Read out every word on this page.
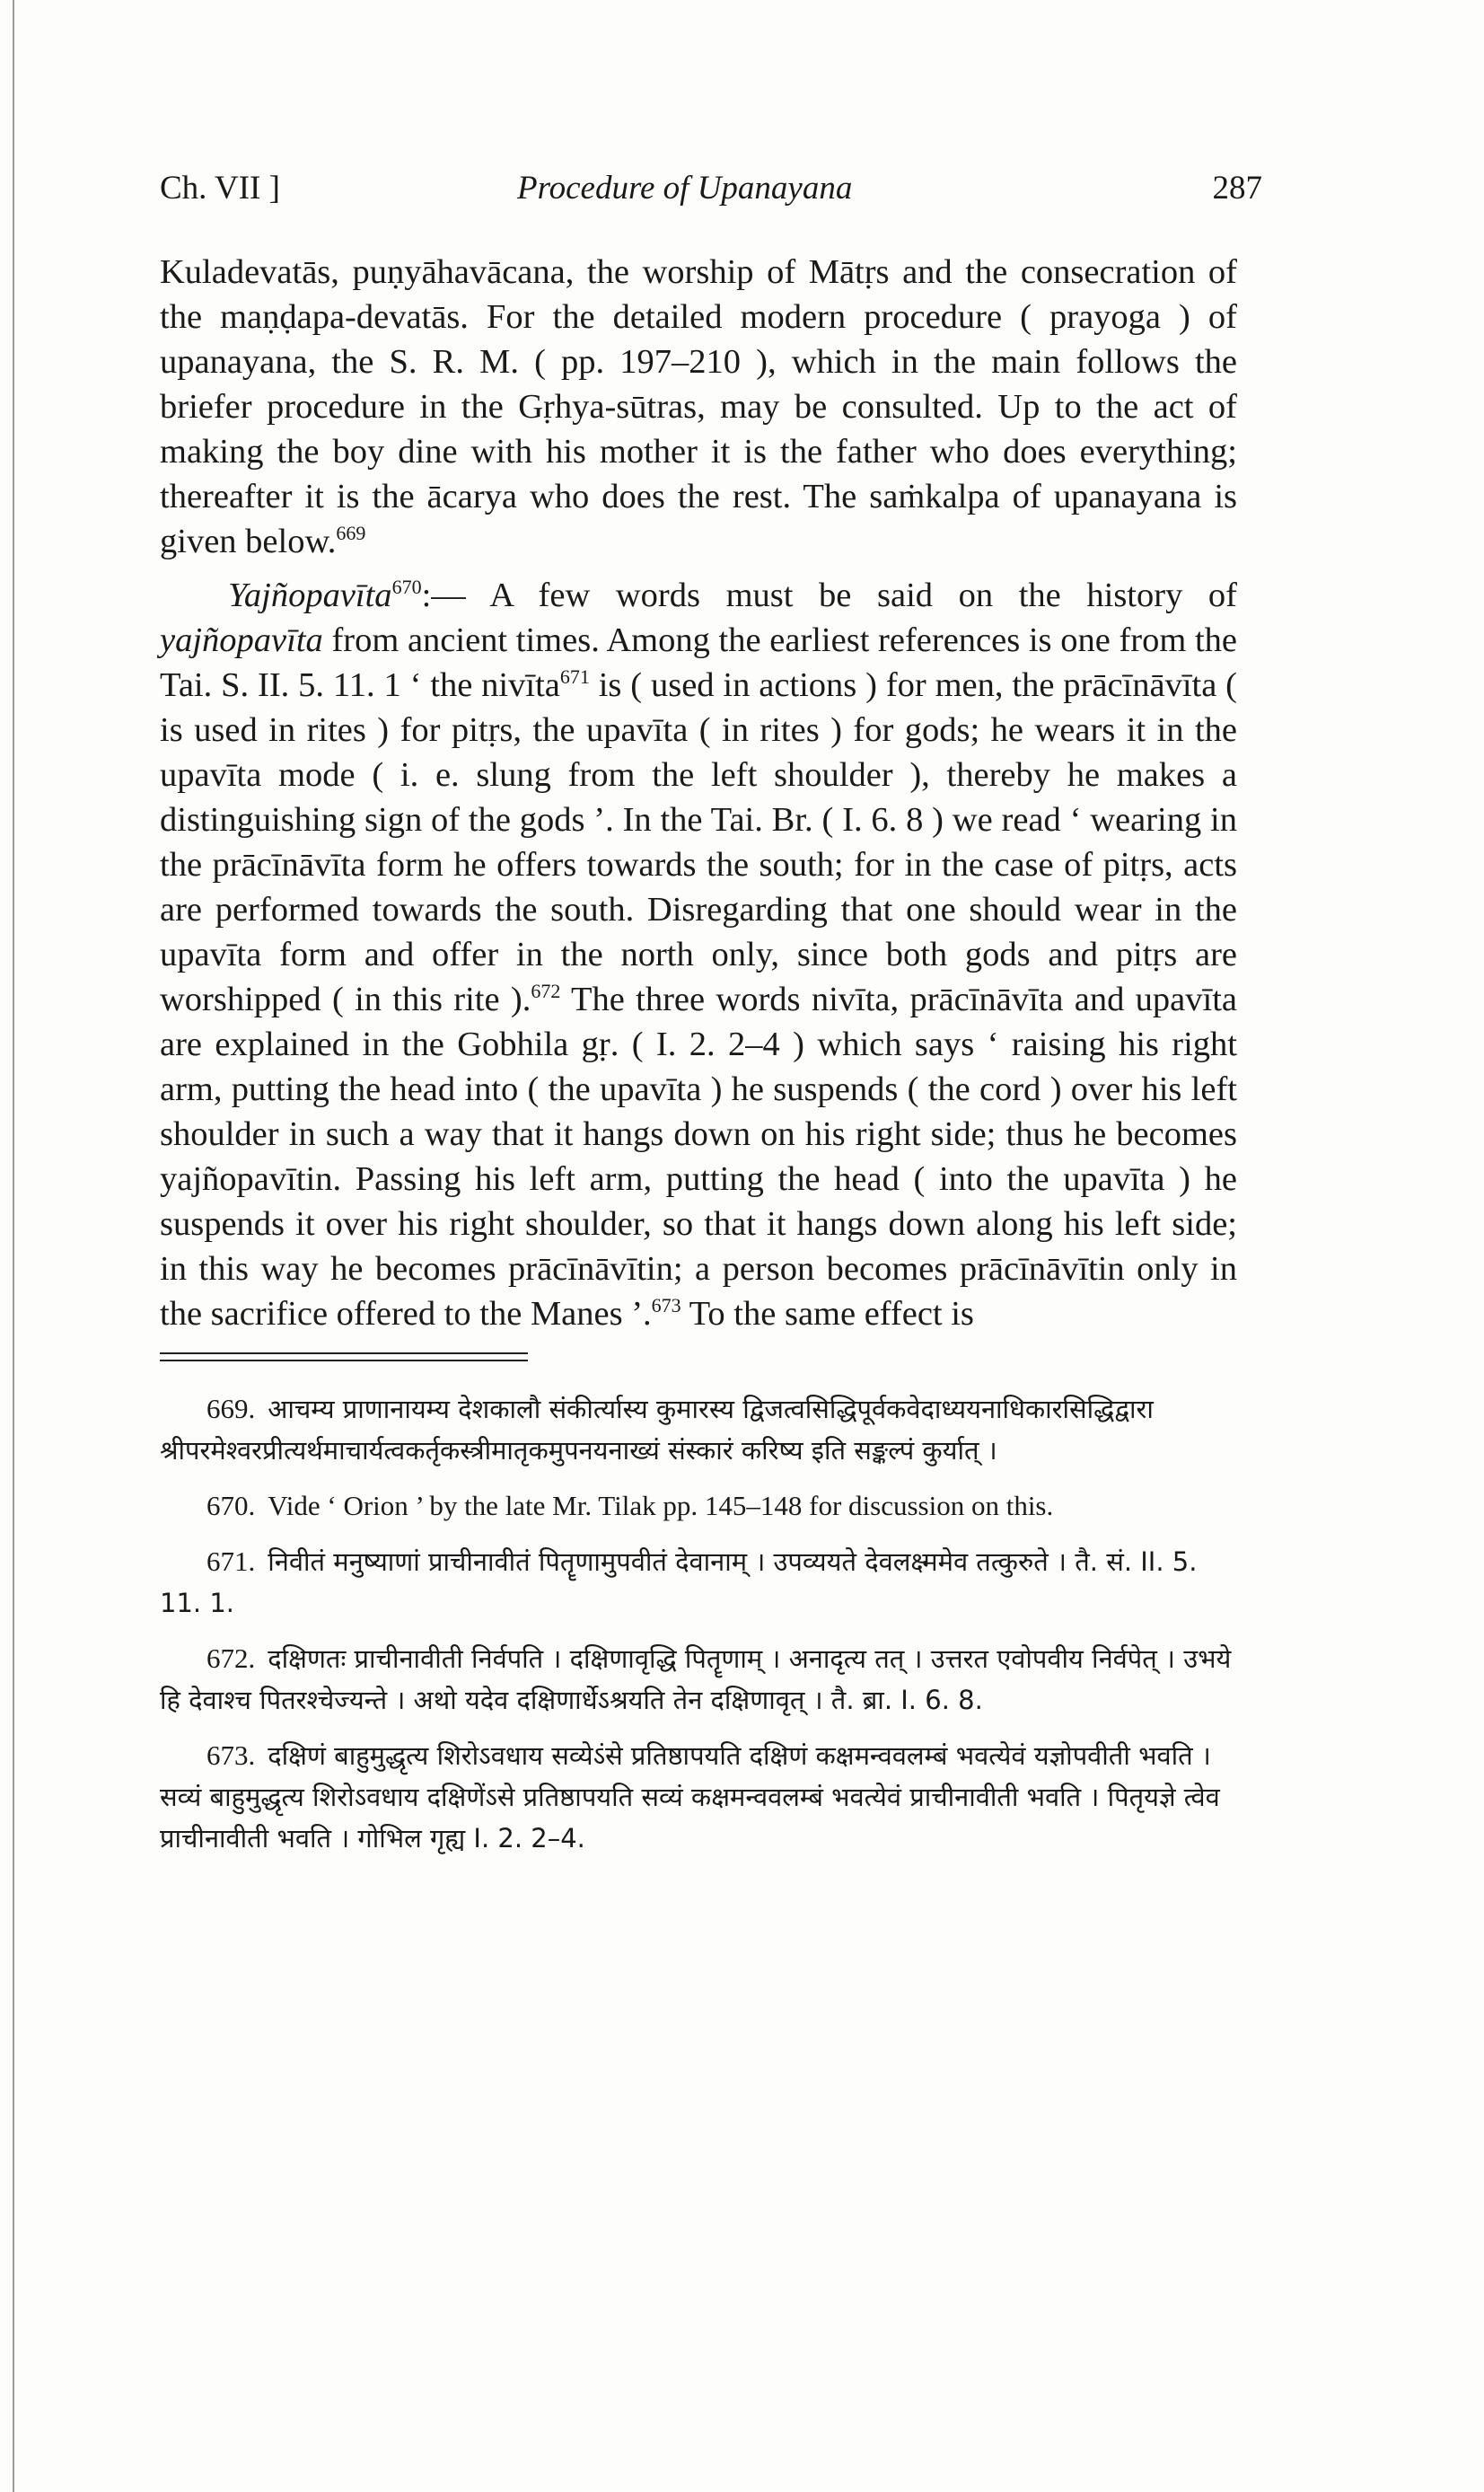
Ch. VII ]	Procedure of Upanayana	287

Kuladevatās, puṇyāhavācana, the worship of Mātṛs and the consecration of the maṇḍapa-devatās. For the detailed modern procedure ( prayoga ) of upanayana, the S. R. M. ( pp. 197–210 ), which in the main follows the briefer procedure in the Gṛhya-sūtras, may be consulted. Up to the act of making the boy dine with his mother it is the father who does everything; thereafter it is the ācarya who does the rest. The saṁkalpa of upanayana is given below.$^{669}$

Yajñopavīta$^{670}$:— A few words must be said on the history of yajñopavīta from ancient times. Among the earliest references is one from the Tai. S. II. 5. 11. 1 ‘ the nivīta$^{671}$ is ( used in actions ) for men, the prācīnāvīta ( is used in rites ) for pitṛs, the upavīta ( in rites ) for gods; he wears it in the upavīta mode ( i. e. slung from the left shoulder ), thereby he makes a distinguishing sign of the gods ’. In the Tai. Br. ( I. 6. 8 ) we read ‘ wearing in the prācīnāvīta form he offers towards the south; for in the case of pitṛs, acts are performed towards the south. Disregarding that one should wear in the upavīta form and offer in the north only, since both gods and pitṛs are worshipped ( in this rite ).$^{672}$ The three words nivīta, prācīnāvīta and upavīta are explained in the Gobhila gṛ. ( I. 2. 2–4 ) which says ‘ raising his right arm, putting the head into ( the upavīta ) he suspends ( the cord ) over his left shoulder in such a way that it hangs down on his right side; thus he becomes yajñopavītin. Passing his left arm, putting the head ( into the upavīta ) he suspends it over his right shoulder, so that it hangs down along his left side; in this way he becomes prācīnāvītin; a person becomes prācīnāvītin only in the sacrifice offered to the Manes ’.$^{673}$ To the same effect is

669. आचम्य प्राणानायम्य देशकालौ संकीर्त्यास्य कुमारस्य द्विजत्वसिद्धिपूर्वकवेदाध्ययनाधिकारसिद्धिद्वारा श्रीपरमेश्वरप्रीत्यर्थमाचार्यत्वकर्तृकस्त्रीमातृकमुपनयनाख्यं संस्कारं करिष्य इति सङ्कल्पं कुर्यात् ।

670. Vide ‘ Orion ’ by the late Mr. Tilak pp. 145–148 for discussion on this.

671. निवीतं मनुष्याणां प्राचीनावीतं पितॄणामुपवीतं देवानाम् । उपव्ययते देवलक्ष्ममेव तत्कुरुते । तै. सं. II. 5. 11. 1.

672. दक्षिणतः प्राचीनावीती निर्वपति । दक्षिणावृद्धि पितॄणाम् । अनादृत्य तत् । उत्तरत एवोपवीय निर्वपेत् । उभये हि देवाश्च पितरश्चेज्यन्ते । अथो यदेव दक्षिणार्धेऽश्रयति तेन दक्षिणावृत् । तै. ब्रा. I. 6. 8.

673. दक्षिणं बाहुमुद्धृत्य शिरोऽवधाय सव्येऽंसे प्रतिष्ठापयति दक्षिणं कक्षमन्ववलम्बं भवत्येवं यज्ञोपवीती भवति । सव्यं बाहुमुद्धृत्य शिरोऽवधाय दक्षिणेंऽसे प्रतिष्ठापयति सव्यं कक्षमन्ववलम्बं भवत्येवं प्राचीनावीती भवति । पितृयज्ञे त्वेव प्राचीनावीती भवति । गोभिल गृह्य I. 2. 2–4.
